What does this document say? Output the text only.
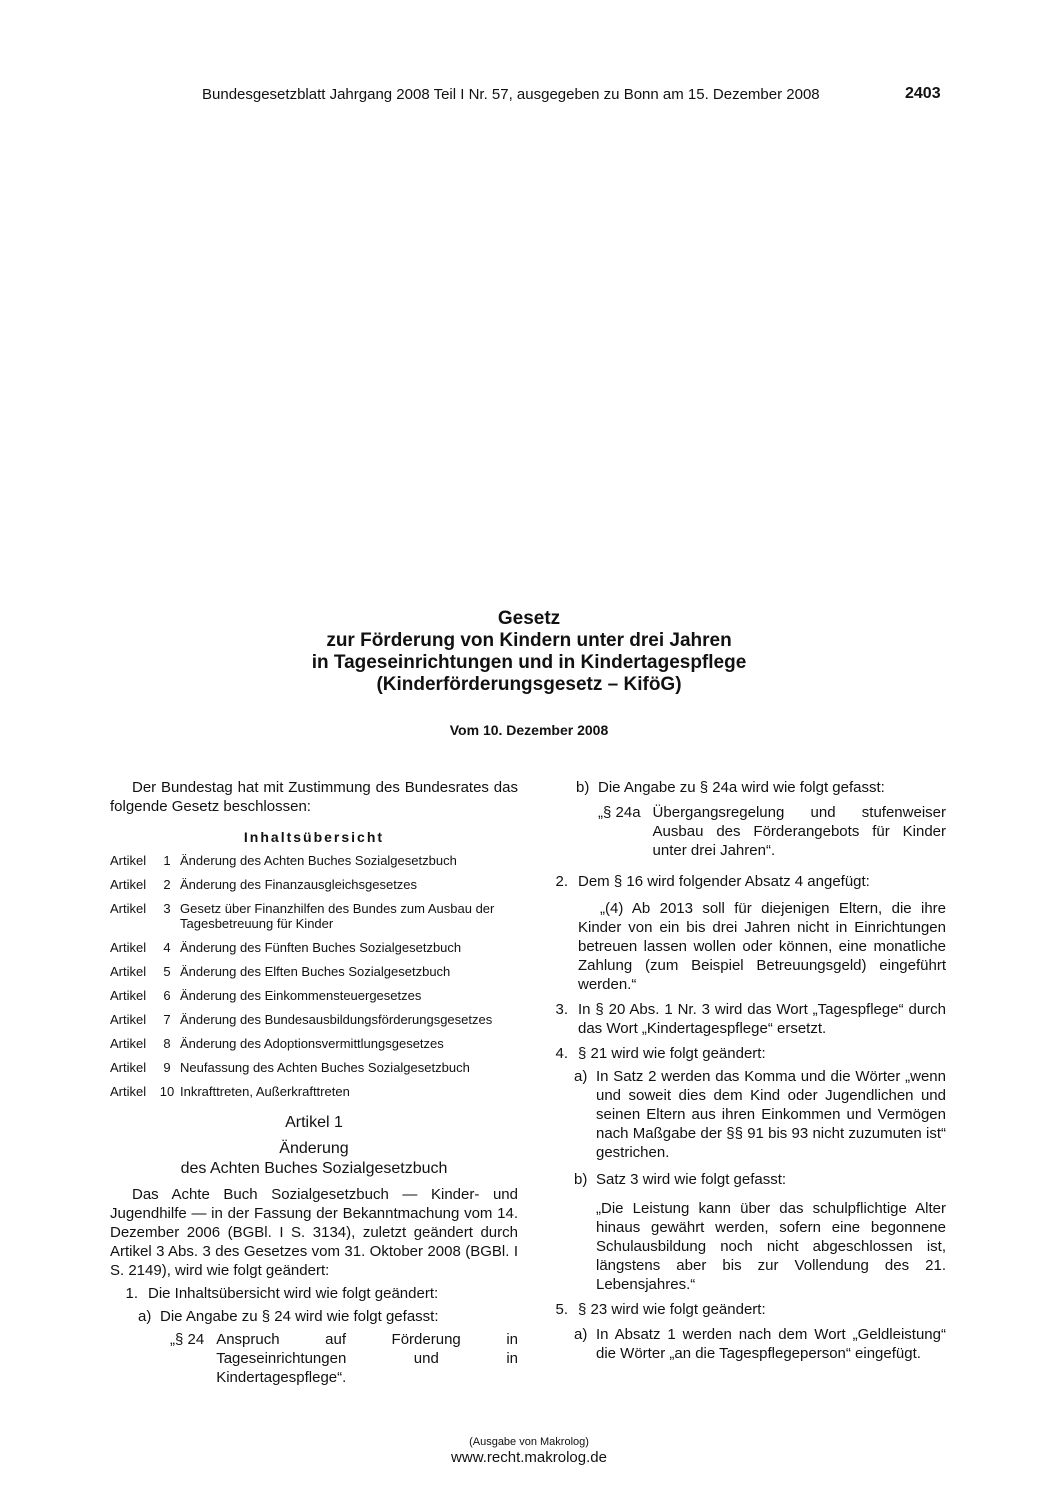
Bundesgesetzblatt Jahrgang 2008 Teil I Nr. 57, ausgegeben zu Bonn am 15. Dezember 2008	2403
Gesetz
zur Förderung von Kindern unter drei Jahren
in Tageseinrichtungen und in Kindertagespflege
(Kinderförderungsgesetz – KiföG)
Vom 10. Dezember 2008
Der Bundestag hat mit Zustimmung des Bundesrates das folgende Gesetz beschlossen:
Inhaltsübersicht
Artikel	1 Änderung des Achten Buches Sozialgesetzbuch
Artikel	2 Änderung des Finanzausgleichsgesetzes
Artikel	3 Gesetz über Finanzhilfen des Bundes zum Ausbau der Tagesbetreuung für Kinder
Artikel	4 Änderung des Fünften Buches Sozialgesetzbuch
Artikel	5 Änderung des Elften Buches Sozialgesetzbuch
Artikel	6 Änderung des Einkommensteuergesetzes
Artikel	7 Änderung des Bundesausbildungsförderungsgesetzes
Artikel	8 Änderung des Adoptionsvermittlungsgesetzes
Artikel	9 Neufassung des Achten Buches Sozialgesetzbuch
Artikel	10 Inkrafttreten, Außerkrafttreten
Artikel 1
Änderung
des Achten Buches Sozialgesetzbuch
Das Achte Buch Sozialgesetzbuch — Kinder- und Jugendhilfe — in der Fassung der Bekanntmachung vom 14. Dezember 2006 (BGBl. I S. 3134), zuletzt geändert durch Artikel 3 Abs. 3 des Gesetzes vom 31. Oktober 2008 (BGBl. I S. 2149), wird wie folgt geändert:
1. Die Inhaltsübersicht wird wie folgt geändert:
a) Die Angabe zu § 24 wird wie folgt gefasst:
„§ 24 Anspruch auf Förderung in Tageseinrichtungen und in Kindertagespflege“.
b) Die Angabe zu § 24a wird wie folgt gefasst:
„§ 24a Übergangsregelung und stufenweiser Ausbau des Förderangebots für Kinder unter drei Jahren“.
2. Dem § 16 wird folgender Absatz 4 angefügt:
„(4) Ab 2013 soll für diejenigen Eltern, die ihre Kinder von ein bis drei Jahren nicht in Einrichtungen betreuen lassen wollen oder können, eine monatliche Zahlung (zum Beispiel Betreuungsgeld) eingeführt werden.“
3. In § 20 Abs. 1 Nr. 3 wird das Wort „Tagespflege“ durch das Wort „Kindertagespflege“ ersetzt.
4. § 21 wird wie folgt geändert:
a) In Satz 2 werden das Komma und die Wörter „wenn und soweit dies dem Kind oder Jugendlichen und seinen Eltern aus ihren Einkommen und Vermögen nach Maßgabe der §§ 91 bis 93 nicht zuzumuten ist“ gestrichen.
b) Satz 3 wird wie folgt gefasst:
„Die Leistung kann über das schulpflichtige Alter hinaus gewährt werden, sofern eine begonnene Schulausbildung noch nicht abgeschlossen ist, längstens aber bis zur Vollendung des 21. Lebensjahres.“
5. § 23 wird wie folgt geändert:
a) In Absatz 1 werden nach dem Wort „Geldleistung“ die Wörter „an die Tagespflegeperson“ eingefügt.
(Ausgabe von Makrolog)
www.recht.makrolog.de
